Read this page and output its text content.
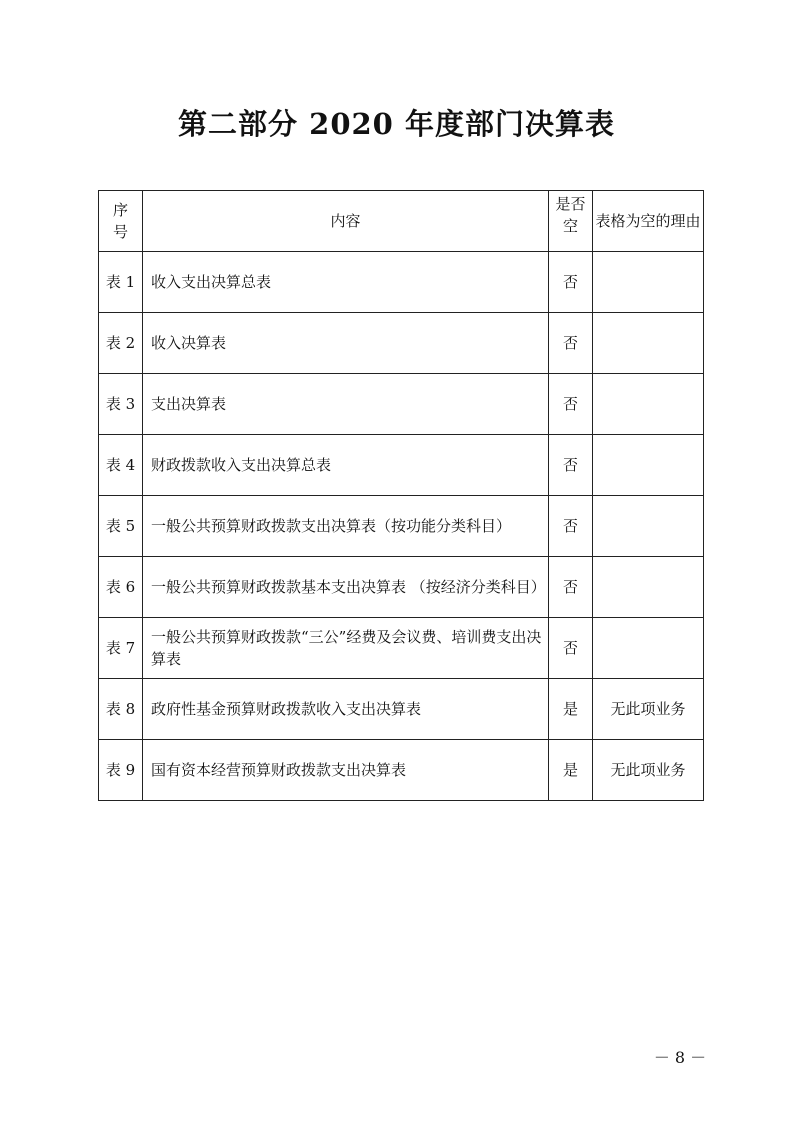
第二部分 2020 年度部门决算表
序号	内容	是否空	表格为空的理由
表 1	收入支出决算总表	否	
表 2	收入决算表	否	
表 3	支出决算表	否	
表 4	财政拨款收入支出决算总表	否	
表 5	一般公共预算财政拨款支出决算表（按功能分类科目）	否	
表 6	一般公共预算财政拨款基本支出决算表 （按经济分类科目）	否	
表 7	一般公共预算财政拨款“三公”经费及会议费、培训费支出决算表	否	
表 8	政府性基金预算财政拨款收入支出决算表	是	无此项业务
表 9	国有资本经营预算财政拨款支出决算表	是	无此项业务
－ 8 －
